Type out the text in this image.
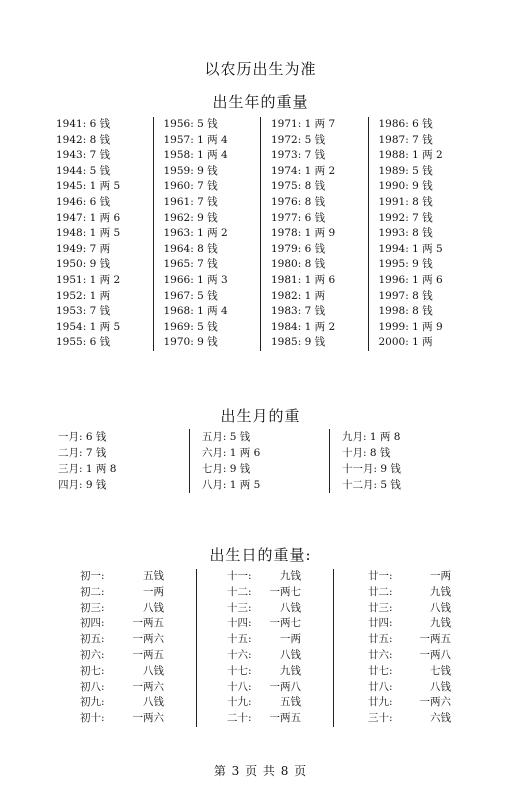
以农历出生为准
出生年的重量
1941: 6 钱
1942: 8 钱
1943: 7 钱
1944: 5 钱
1945: 1 两 5
1946: 6 钱
1947: 1 两 6
1948: 1 两 5
1949: 7 两
1950: 9 钱
1951: 1 两 2
1952: 1 两
1953: 7 钱
1954: 1 两 5
1955: 6 钱
1956: 5 钱
1957: 1 两 4
1958: 1 两 4
1959: 9 钱
1960: 7 钱
1961: 7 钱
1962: 9 钱
1963: 1 两 2
1964: 8 钱
1965: 7 钱
1966: 1 两 3
1967: 5 钱
1968: 1 两 4
1969: 5 钱
1970: 9 钱
1971: 1 两 7
1972: 5 钱
1973: 7 钱
1974: 1 两 2
1975: 8 钱
1976: 8 钱
1977: 6 钱
1978: 1 两 9
1979: 6 钱
1980: 8 钱
1981: 1 两 6
1982: 1 两
1983: 7 钱
1984: 1 两 2
1985: 9 钱
1986: 6 钱
1987: 7 钱
1988: 1 两 2
1989: 5 钱
1990: 9 钱
1991: 8 钱
1992: 7 钱
1993: 8 钱
1994: 1 两 5
1995: 9 钱
1996: 1 两 6
1997: 8 钱
1998: 8 钱
1999: 1 两 9
2000: 1 两
出生月的重
一月: 6 钱
二月: 7 钱
三月: 1 两 8
四月: 9 钱
五月: 5 钱
六月: 1 两 6
七月: 9 钱
八月: 1 两 5
九月: 1 两 8
十月: 8 钱
十一月: 9 钱
十二月: 5 钱
出生日的重量:
初一:	五钱
初二:	一两
初三:	八钱
初四:	一两五
初五:	一两六
初六:	一两五
初七:	八钱
初八:	一两六
初九:	八钱
初十:	一两六
十一:	九钱
十二: 一两七
十三:	八钱
十四: 一两七
十五:	一两
十六:	八钱
十七:	九钱
十八: 一两八
十九:	五钱
二十: 一两五
廿一:	一两
廿二:	九钱
廿三:	八钱
廿四:	九钱
廿五:	一两五
廿六:	一两八
廿七:	七钱
廿八:	八钱
廿九:	一两六
三十:	六钱
第 3 页 共 8 页
